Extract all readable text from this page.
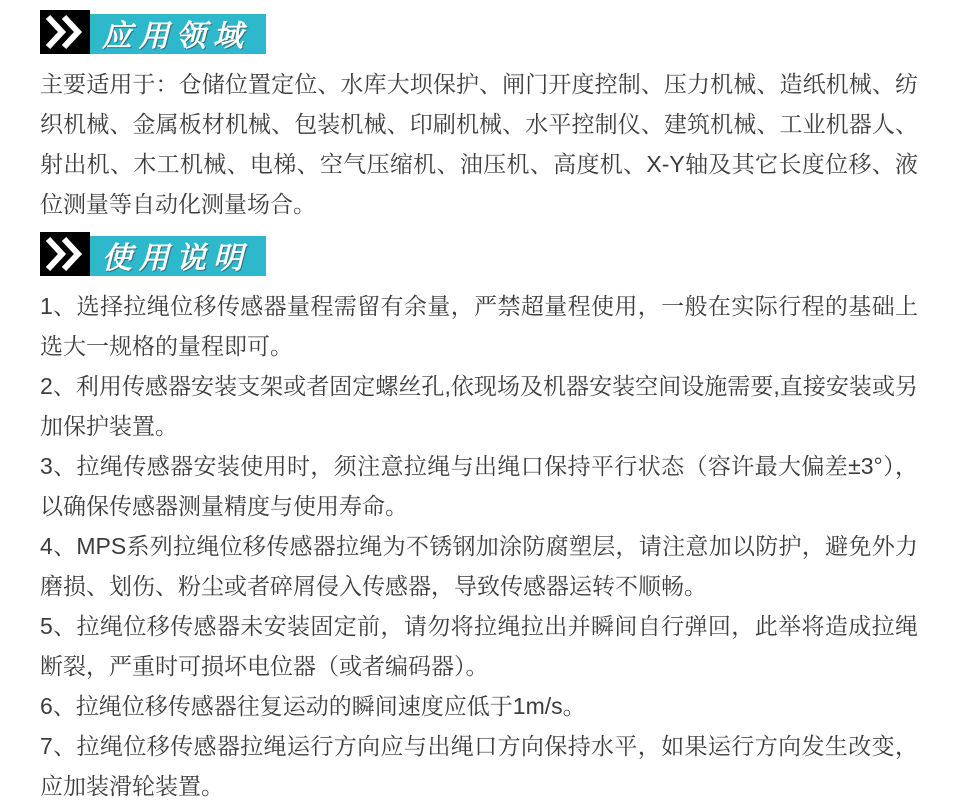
应用领域

主要适用于：仓储位置定位、水库大坝保护、闸门开度控制、压力机械、造纸机械、纺织机械、金属板材机械、包装机械、印刷机械、水平控制仪、建筑机械、工业机器人、射出机、木工机械、电梯、空气压缩机、油压机、高度机、X-Y轴及其它长度位移、液位测量等自动化测量场合。

使用说明

1、选择拉绳位移传感器量程需留有余量，严禁超量程使用，一般在实际行程的基础上选大一规格的量程即可。

2、利用传感器安装支架或者固定螺丝孔,依现场及机器安装空间设施需要,直接安装或另加保护装置。

3、拉绳传感器安装使用时，须注意拉绳与出绳口保持平行状态（容许最大偏差±3°），以确保传感器测量精度与使用寿命。

4、MPS系列拉绳位移传感器拉绳为不锈钢加涂防腐塑层，请注意加以防护，避免外力磨损、划伤、粉尘或者碎屑侵入传感器，导致传感器运转不顺畅。

5、拉绳位移传感器未安装固定前，请勿将拉绳拉出并瞬间自行弹回，此举将造成拉绳断裂，严重时可损坏电位器（或者编码器）。

6、拉绳位移传感器往复运动的瞬间速度应低于1m/s。

7、拉绳位移传感器拉绳运行方向应与出绳口方向保持水平，如果运行方向发生改变，应加装滑轮装置。
